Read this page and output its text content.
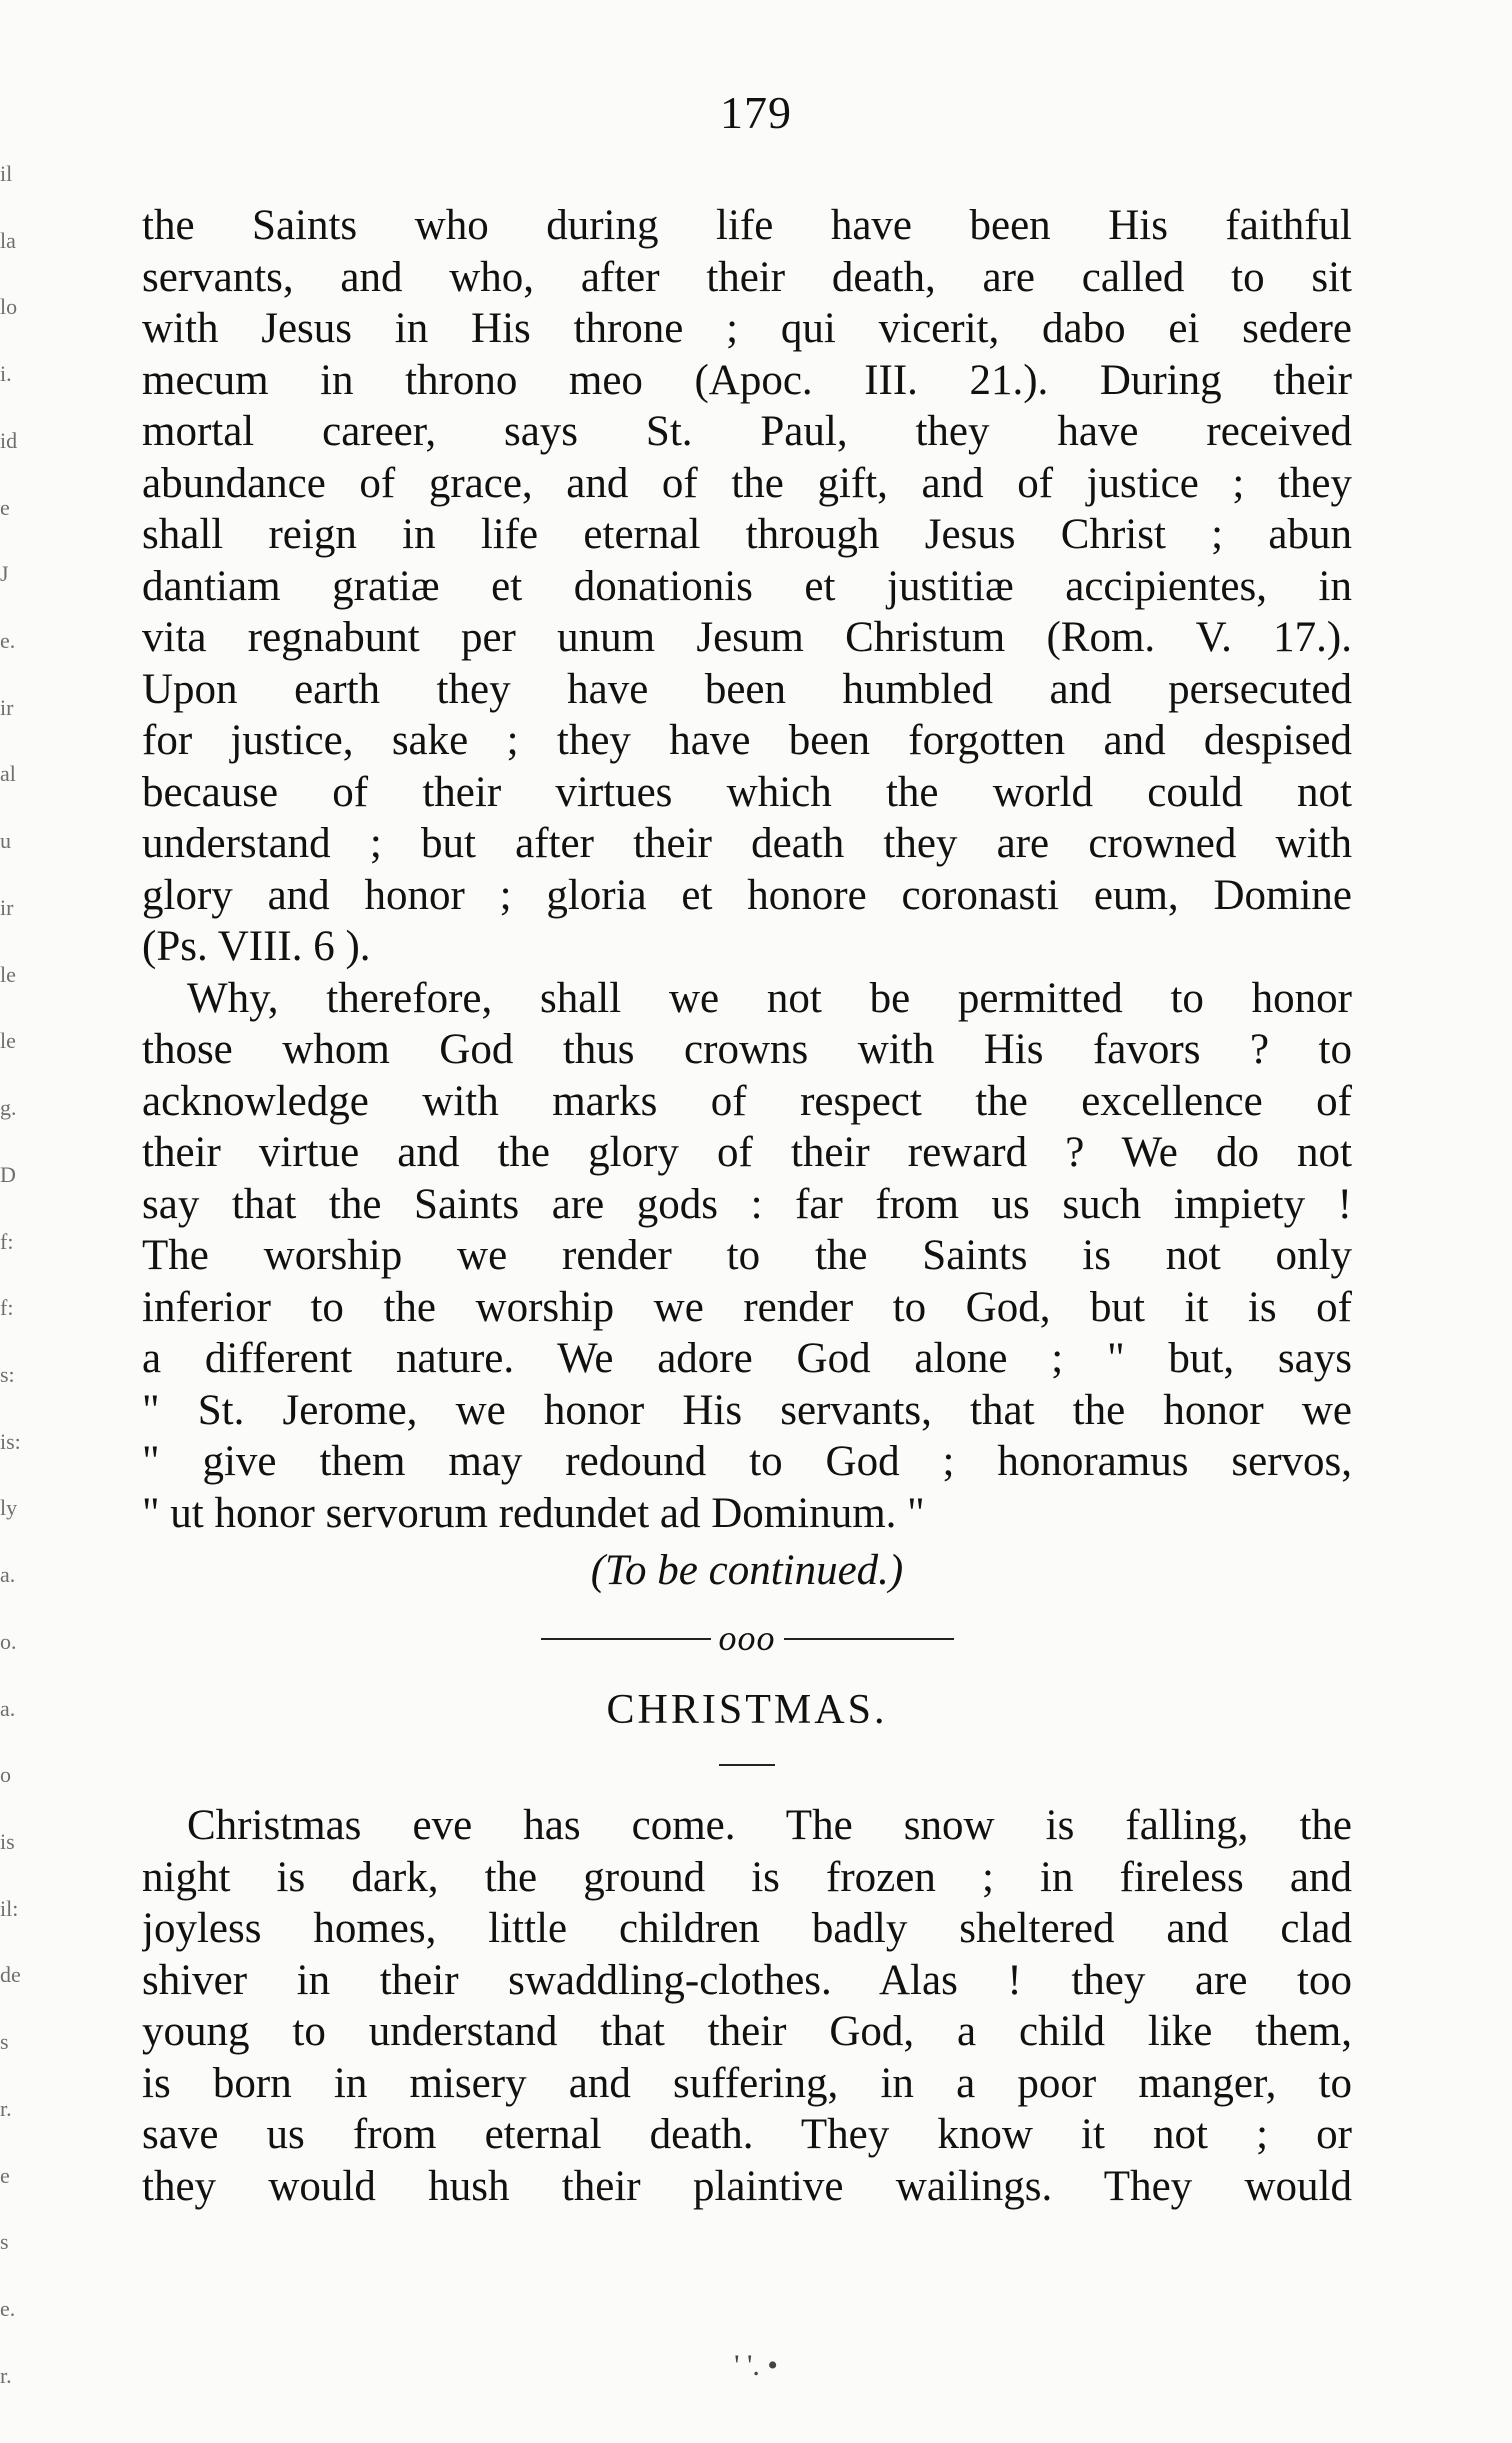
il
la
lo
i.
id
e
J
e.
ir
al
u
ir
le
le
g.
D
f:
f:
s:
is:
ly
a.
o.
a.
o
is
il:
de
s
r.
e
s
e.
r.
179
the Saints who during life have been His faithful
servants, and who, after their death, are called to sit
with Jesus in His throne ; qui vicerit, dabo ei sedere
mecum in throno meo (Apoc. III. 21.). During their
mortal career, says St. Paul, they have received
abundance of grace, and of the gift, and of justice ; they
shall reign in life eternal through Jesus Christ ; abun
dantiam gratiæ et donationis et justitiæ accipientes, in
vita regnabunt per unum Jesum Christum (Rom. V. 17.).
Upon earth they have been humbled and persecuted
for justice, sake ; they have been forgotten and despised
because of their virtues which the world could not
understand ; but after their death they are crowned with
glory and honor ; gloria et honore coronasti eum, Domine
(Ps. VIII. 6 ).
Why, therefore, shall we not be permitted to honor
those whom God thus crowns with His favors ? to
acknowledge with marks of respect the excellence of
their virtue and the glory of their reward ? We do not
say that the Saints are gods : far from us such impiety !
The worship we render to the Saints is not only
inferior to the worship we render to God, but it is of
a different nature. We adore God alone ; " but, says
" St. Jerome, we honor His servants, that the honor we
" give them may redound to God ; honoramus servos,
" ut honor servorum redundet ad Dominum. "
(To be continued.)
ooo
CHRISTMAS.
Christmas eve has come. The snow is falling, the
night is dark, the ground is frozen ; in fireless and
joyless homes, little children badly sheltered and clad
shiver in their swaddling-clothes. Alas ! they are too
young to understand that their God, a child like them,
is born in misery and suffering, in a poor manger, to
save us from eternal death. They know it not ; or
they would hush their plaintive wailings. They would
' '. •
